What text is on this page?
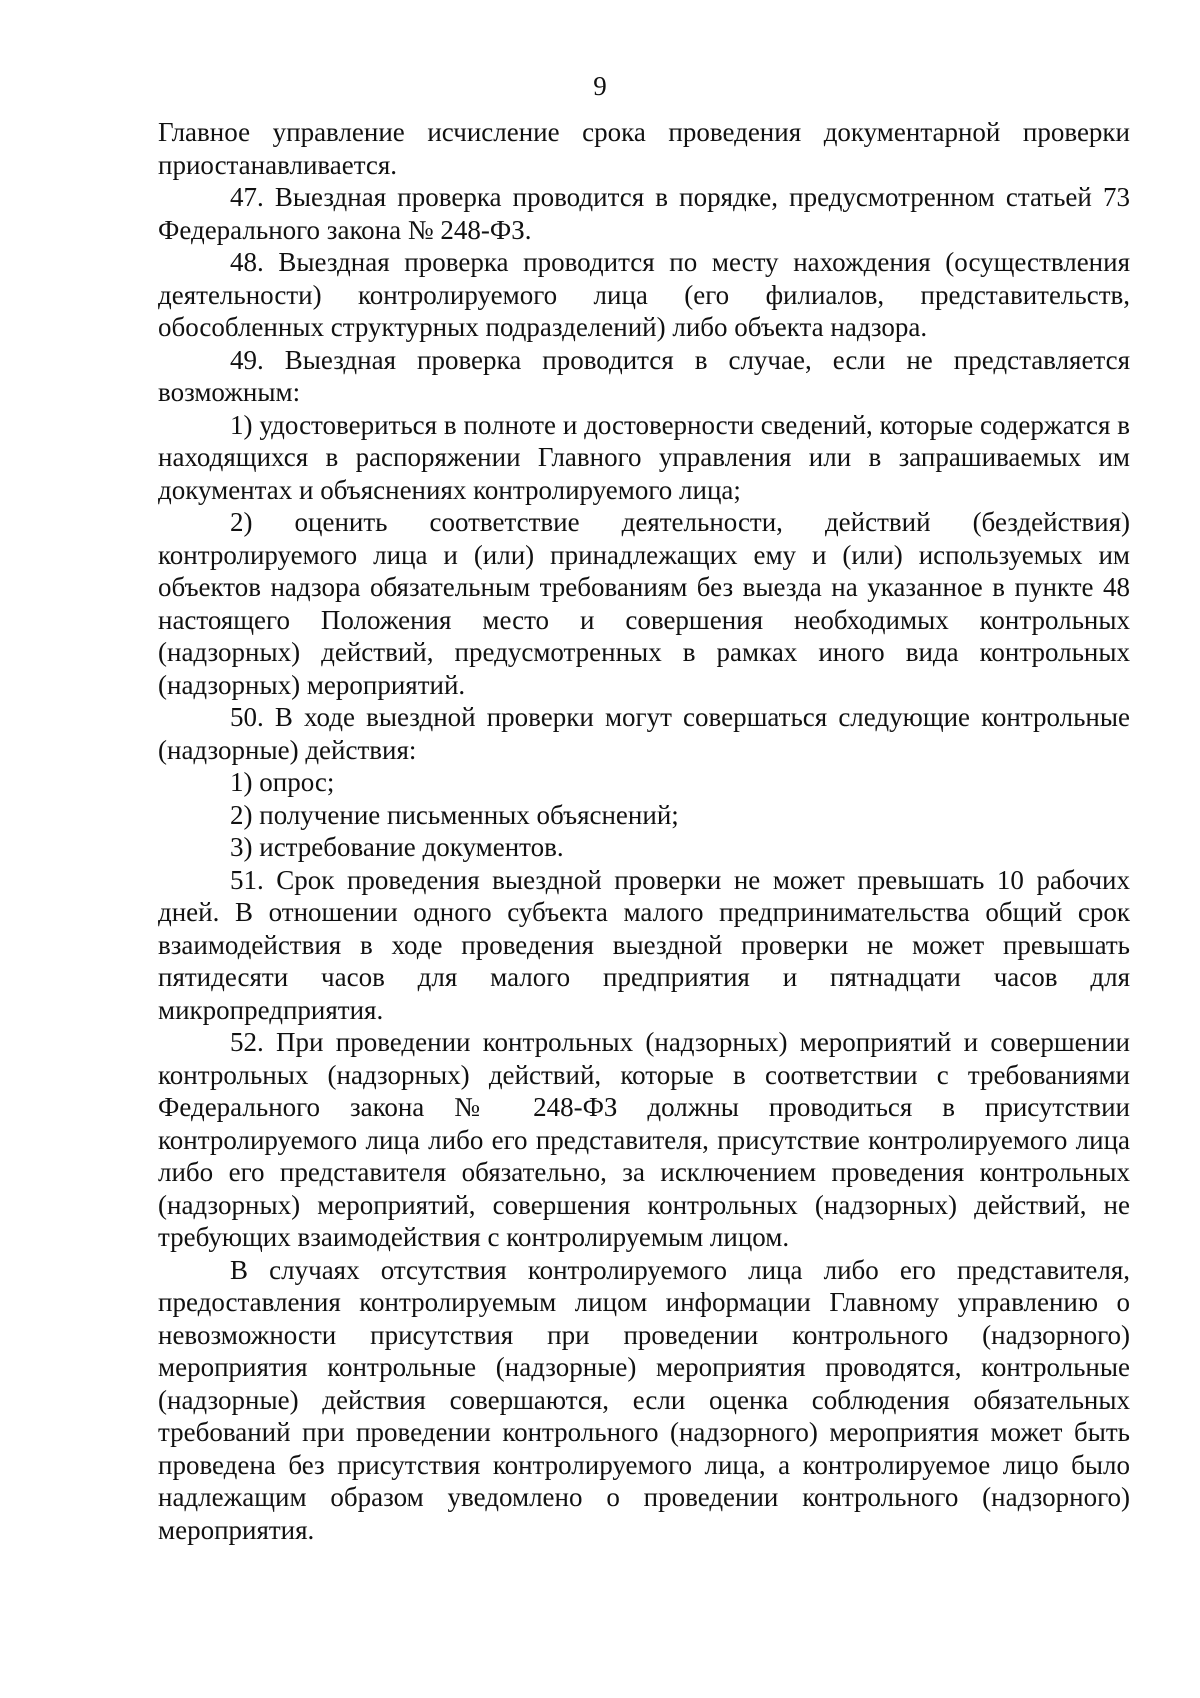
9

Главное управление исчисление срока проведения документарной проверки приостанавливается.

47. Выездная проверка проводится в порядке, предусмотренном статьей 73 Федерального закона № 248-ФЗ.

48. Выездная проверка проводится по месту нахождения (осуществления деятельности) контролируемого лица (его филиалов, представительств, обособленных структурных подразделений) либо объекта надзора.

49. Выездная проверка проводится в случае, если не представляется возможным:

1) удостовериться в полноте и достоверности сведений, которые содержатся в находящихся в распоряжении Главного управления или в запрашиваемых им документах и объяснениях контролируемого лица;

2) оценить соответствие деятельности, действий (бездействия) контролируемого лица и (или) принадлежащих ему и (или) используемых им объектов надзора обязательным требованиям без выезда на указанное в пункте 48 настоящего Положения место и совершения необходимых контрольных (надзорных) действий, предусмотренных в рамках иного вида контрольных (надзорных) мероприятий.

50. В ходе выездной проверки могут совершаться следующие контрольные (надзорные) действия:

1) опрос;

2) получение письменных объяснений;

3) истребование документов.

51. Срок проведения выездной проверки не может превышать 10 рабочих дней. В отношении одного субъекта малого предпринимательства общий срок взаимодействия в ходе проведения выездной проверки не может превышать пятидесяти часов для малого предприятия и пятнадцати часов для микропредприятия.

52. При проведении контрольных (надзорных) мероприятий и совершении контрольных (надзорных) действий, которые в соответствии с требованиями Федерального закона № 248-ФЗ должны проводиться в присутствии контролируемого лица либо его представителя, присутствие контролируемого лица либо его представителя обязательно, за исключением проведения контрольных (надзорных) мероприятий, совершения контрольных (надзорных) действий, не требующих взаимодействия с контролируемым лицом.

В случаях отсутствия контролируемого лица либо его представителя, предоставления контролируемым лицом информации Главному управлению о невозможности присутствия при проведении контрольного (надзорного) мероприятия контрольные (надзорные) мероприятия проводятся, контрольные (надзорные) действия совершаются, если оценка соблюдения обязательных требований при проведении контрольного (надзорного) мероприятия может быть проведена без присутствия контролируемого лица, а контролируемое лицо было надлежащим образом уведомлено о проведении контрольного (надзорного) мероприятия.
